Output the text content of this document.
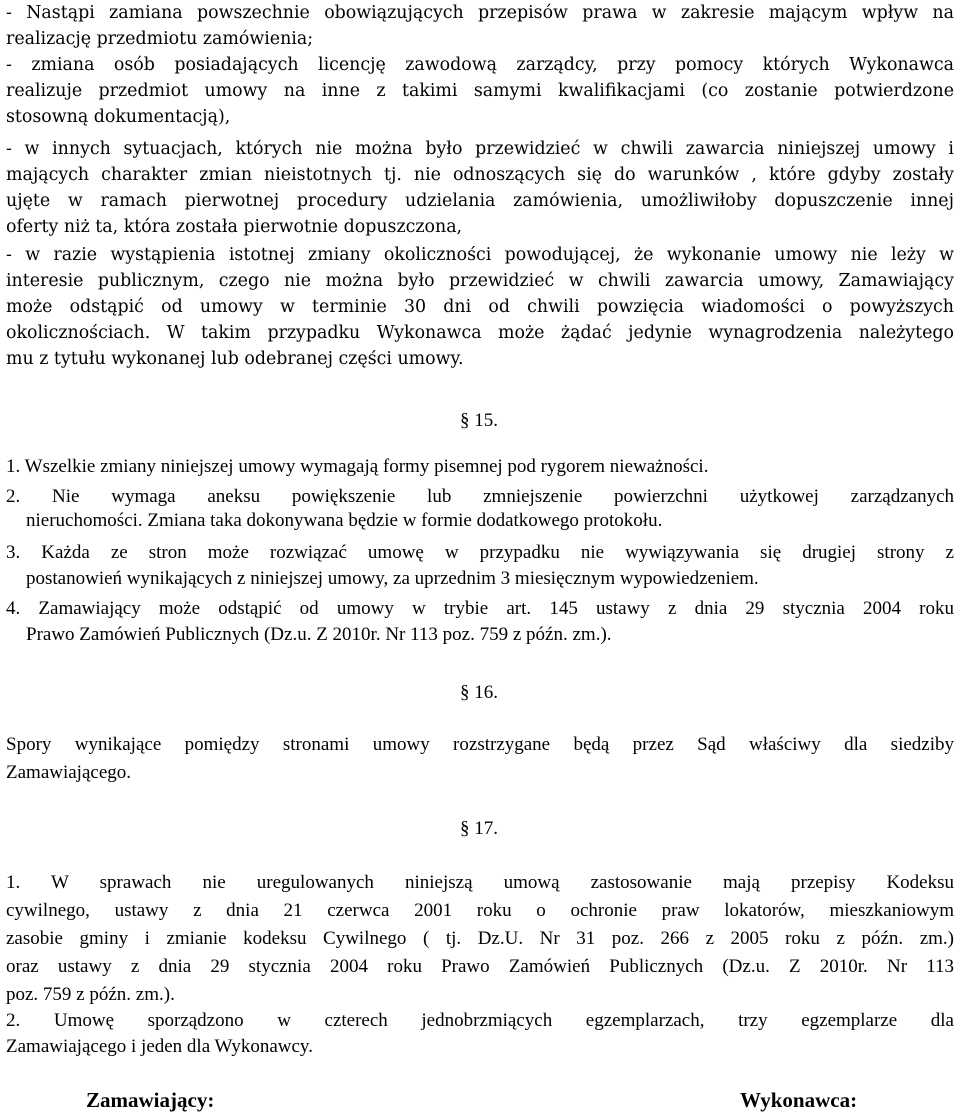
- Nastąpi zamiana powszechnie obowiązujących przepisów prawa w zakresie mającym wpływ na
realizację przedmiotu zamówienia;
- zmiana osób posiadających licencję zawodową zarządcy, przy pomocy których Wykonawca
realizuje przedmiot umowy na inne z takimi samymi kwalifikacjami (co zostanie potwierdzone
stosowną dokumentacją),
- w innych sytuacjach, których nie można było przewidzieć w chwili zawarcia niniejszej umowy i
mających charakter zmian nieistotnych tj. nie odnoszących się do warunków , które gdyby zostały
ujęte w ramach pierwotnej procedury udzielania zamówienia, umożliwiłoby dopuszczenie innej
oferty niż ta, która została pierwotnie dopuszczona,
- w razie wystąpienia istotnej zmiany okoliczności powodującej, że wykonanie umowy nie leży w
interesie publicznym, czego nie można było przewidzieć w chwili zawarcia umowy, Zamawiający
może odstąpić od umowy w terminie 30 dni od chwili powzięcia wiadomości o powyższych
okolicznościach. W takim przypadku Wykonawca może żądać jedynie wynagrodzenia należytego
mu z tytułu wykonanej lub odebranej części umowy.
§ 15.
1. Wszelkie zmiany niniejszej umowy wymagają formy pisemnej pod rygorem nieważności.
2. Nie wymaga aneksu powiększenie lub zmniejszenie powierzchni użytkowej zarządzanych
nieruchomości. Zmiana taka dokonywana będzie w formie dodatkowego protokołu.
3. Każda ze stron może rozwiązać umowę w przypadku nie wywiązywania się drugiej strony z
postanowień wynikających z niniejszej umowy, za uprzednim 3 miesięcznym wypowiedzeniem.
4. Zamawiający może odstąpić od umowy w trybie art. 145 ustawy z dnia 29 stycznia 2004 roku
Prawo Zamówień Publicznych (Dz.u. Z 2010r. Nr 113 poz. 759 z późn. zm.).
§ 16.
Spory wynikające pomiędzy stronami umowy rozstrzygane będą przez Sąd właściwy dla siedziby
Zamawiającego.
§ 17.
1. W sprawach nie uregulowanych niniejszą umową zastosowanie mają przepisy Kodeksu
cywilnego, ustawy z dnia 21 czerwca 2001 roku o ochronie praw lokatorów, mieszkaniowym
zasobie gminy i zmianie kodeksu Cywilnego ( tj. Dz.U. Nr 31 poz. 266 z 2005 roku z późn. zm.)
oraz ustawy z dnia 29 stycznia 2004 roku Prawo Zamówień Publicznych (Dz.u. Z 2010r. Nr 113
poz. 759 z późn. zm.).
2. Umowę sporządzono w czterech jednobrzmiących egzemplarzach, trzy egzemplarze dla
Zamawiającego i jeden dla Wykonawcy.
Zamawiający:	Wykonawca:
